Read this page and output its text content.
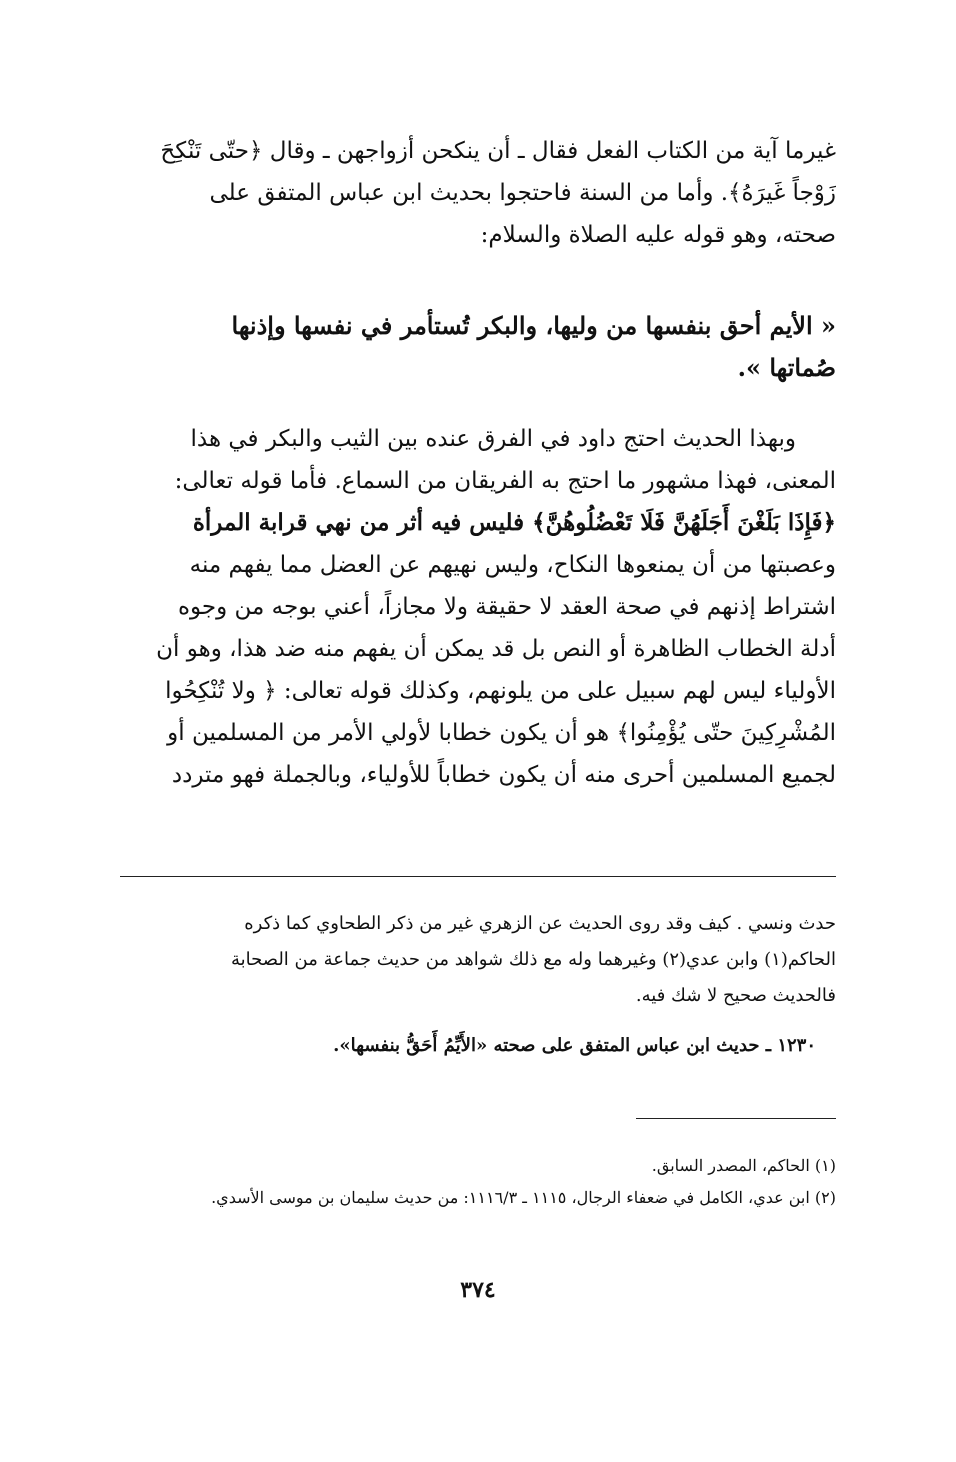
غيرما آية من الكتاب الفعل فقال ـ أن ينكحن أزواجهن ـ وقال ﴿حتّى تَنْكِحَ
زَوْجاً غَيرَهُ﴾. وأما من السنة فاحتجوا بحديث ابن عباس المتفق على
صحته، وهو قوله عليه الصلاة والسلام:
« الأيم أحق بنفسها من وليها، والبكر تُستأمر في نفسها وإذنها
صُماتها ».
وبهذا الحديث احتج داود في الفرق عنده بين الثيب والبكر في هذا
المعنى، فهذا مشهور ما احتج به الفريقان من السماع. فأما قوله تعالى:
﴿فَإِذَا بَلَغْنَ أَجَلَهُنَّ فَلَا تَعْضُلُوهُنَّ﴾ فليس فيه أثر من نهي قرابة المرأة
وعصبتها من أن يمنعوها النكاح، وليس نهيهم عن العضل مما يفهم منه
اشتراط إذنهم في صحة العقد لا حقيقة ولا مجازاً، أعني بوجه من وجوه
أدلة الخطاب الظاهرة أو النص بل قد يمكن أن يفهم منه ضد هذا، وهو أن
الأولياء ليس لهم سبيل على من يلونهم، وكذلك قوله تعالى: ﴿ ولا تُنْكِحُوا
المُشْرِكِينَ حتّى يُؤْمِنُوا﴾ هو أن يكون خطابا لأولي الأمر من المسلمين أو
لجميع المسلمين أحرى منه أن يكون خطاباً للأولياء، وبالجملة فهو متردد
حدث ونسي . كيف وقد روى الحديث عن الزهري غير من ذكر الطحاوي كما ذكره
الحاكم(١) وابن عدي(٢) وغيرهما وله مع ذلك شواهد من حديث جماعة من الصحابة
فالحديث صحيح لا شك فيه.
١٢٣٠ ـ حديث ابن عباس المتفق على صحته «الأَيِّمُ أَحَقُّ بنفسها».
(١) الحاكم، المصدر السابق.
(٢) ابن عدي، الكامل في ضعفاء الرجال، ١١١٥ ـ ١١١٦/٣: من حديث سليمان بن موسى الأسدي.
٣٧٤
